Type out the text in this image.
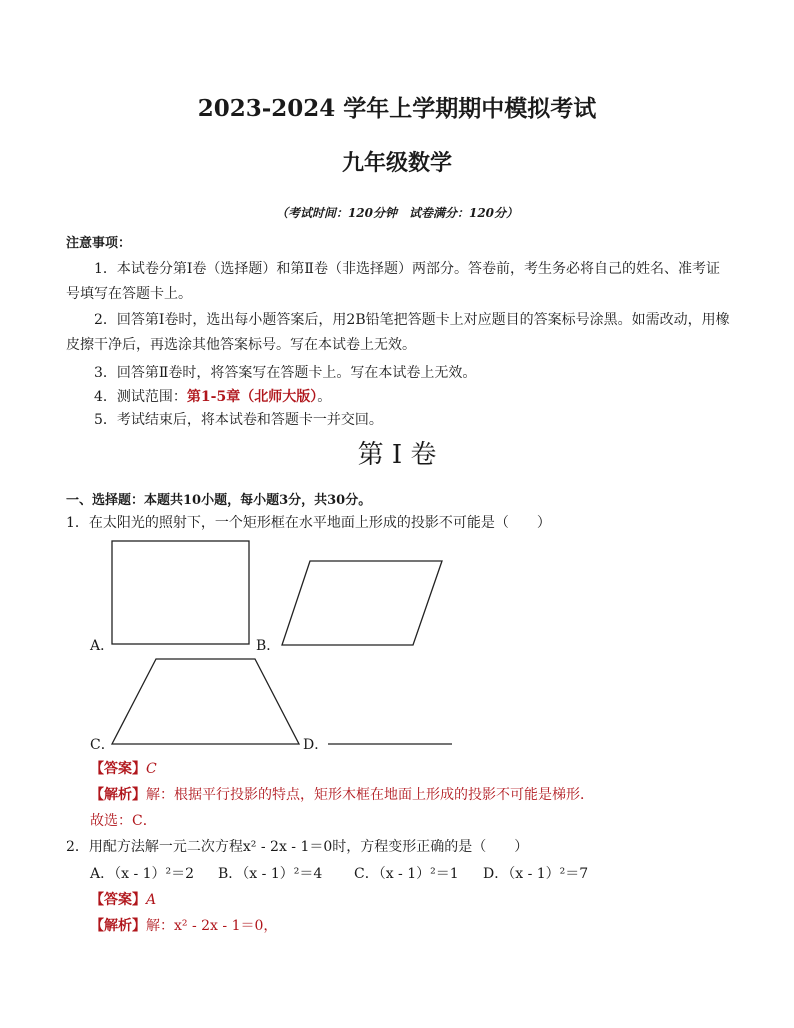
2023-2024 学年上学期期中模拟考试
九年级数学
（考试时间：120分钟　试卷满分：120分）
注意事项：
1．本试卷分第Ⅰ卷（选择题）和第Ⅱ卷（非选择题）两部分。答卷前，考生务必将自己的姓名、准考证
号填写在答题卡上。
2．回答第Ⅰ卷时，选出每小题答案后，用2B铅笔把答题卡上对应题目的答案标号涂黑。如需改动，用橡
皮擦干净后，再选涂其他答案标号。写在本试卷上无效。
3．回答第Ⅱ卷时，将答案写在答题卡上。写在本试卷上无效。
4．测试范围：第1-5章（北师大版）。
5．考试结束后，将本试卷和答题卡一并交回。
第 I 卷
一、选择题：本题共10小题，每小题3分，共30分。
1．在太阳光的照射下，一个矩形框在水平地面上形成的投影不可能是（　　）
A．	B．
C．	D．
【答案】C
【解析】解：根据平行投影的特点，矩形木框在地面上形成的投影不可能是梯形．
故选：C．
2．用配方法解一元二次方程x² - 2x - 1＝0时，方程变形正确的是（　　）
A．（x - 1）²＝2 B．（x - 1）²＝4 C．（x - 1）²＝1 D．（x - 1）²＝7
【答案】A
【解析】解：x² - 2x - 1＝0，
